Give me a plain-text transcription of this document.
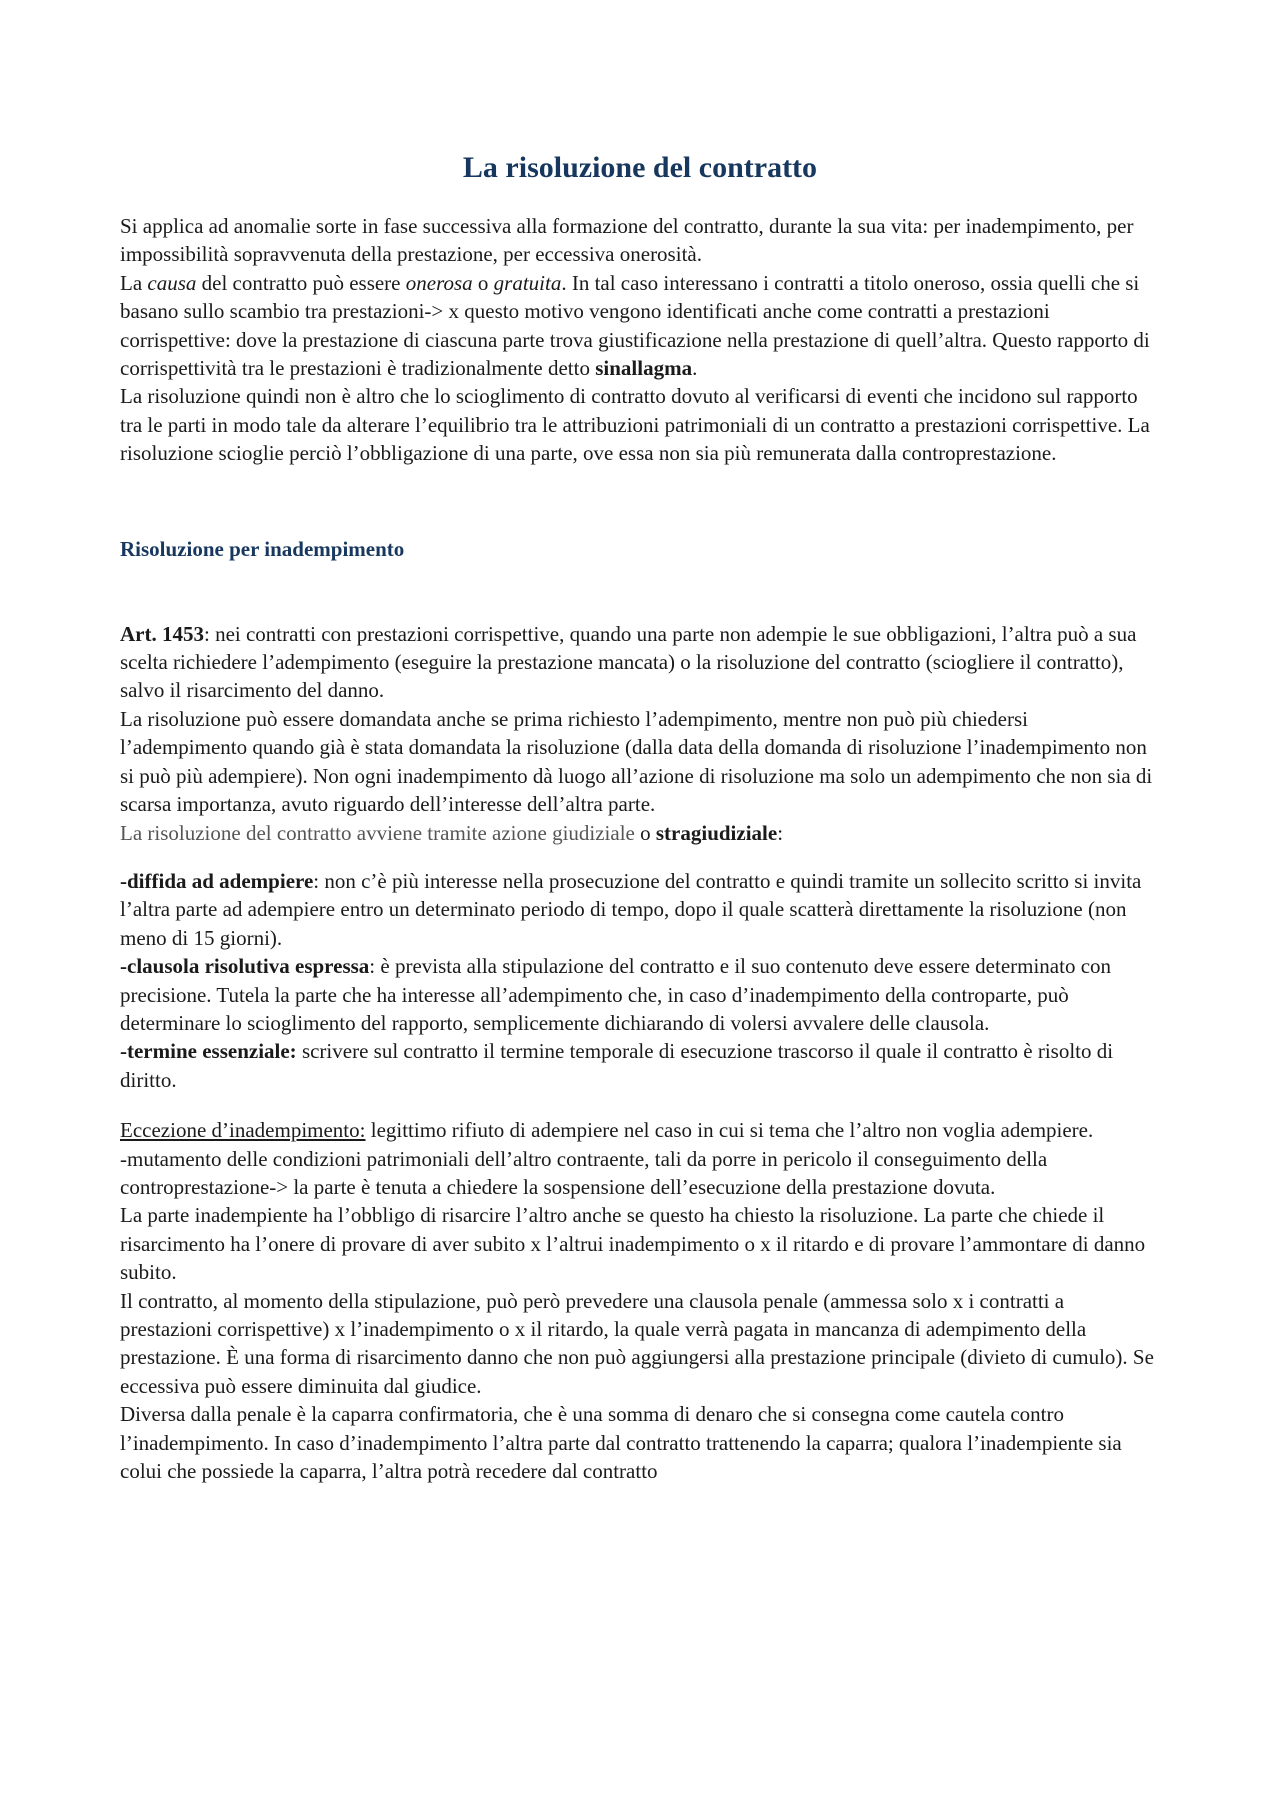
La risoluzione del contratto

Si applica ad anomalie sorte in fase successiva alla formazione del contratto, durante la sua vita: per inadempimento, per impossibilità sopravvenuta della prestazione, per eccessiva onerosità.

La causa del contratto può essere onerosa o gratuita. In tal caso interessano i contratti a titolo oneroso, ossia quelli che si basano sullo scambio tra prestazioni-> x questo motivo vengono identificati anche come contratti a prestazioni corrispettive: dove la prestazione di ciascuna parte trova giustificazione nella prestazione di quell’altra. Questo rapporto di corrispettività tra le prestazioni è tradizionalmente detto sinallagma.

La risoluzione quindi non è altro che lo scioglimento di contratto dovuto al verificarsi di eventi che incidono sul rapporto tra le parti in modo tale da alterare l’equilibrio tra le attribuzioni patrimoniali di un contratto a prestazioni corrispettive. La risoluzione scioglie perciò l’obbligazione di una parte, ove essa non sia più remunerata dalla controprestazione.

Risoluzione per inadempimento

Art. 1453: nei contratti con prestazioni corrispettive, quando una parte non adempie le sue obbligazioni, l’altra può a sua scelta richiedere l’adempimento (eseguire la prestazione mancata) o la risoluzione del contratto (sciogliere il contratto), salvo il risarcimento del danno.

La risoluzione può essere domandata anche se prima richiesto l’adempimento, mentre non può più chiedersi l’adempimento quando già è stata domandata la risoluzione (dalla data della domanda di risoluzione l’inadempimento non si può più adempiere). Non ogni inadempimento dà luogo all’azione di risoluzione ma solo un adempimento che non sia di scarsa importanza, avuto riguardo dell’interesse dell’altra parte.

La risoluzione del contratto avviene tramite azione giudiziale o stragiudiziale:

-diffida ad adempiere: non c’è più interesse nella prosecuzione del contratto e quindi tramite un sollecito scritto si invita l’altra parte ad adempiere entro un determinato periodo di tempo, dopo il quale scatterà direttamente la risoluzione (non meno di 15 giorni).

-clausola risolutiva espressa: è prevista alla stipulazione del contratto e il suo contenuto deve essere determinato con precisione. Tutela la parte che ha interesse all’adempimento che, in caso d’inadempimento della controparte, può determinare lo scioglimento del rapporto, semplicemente dichiarando di volersi avvalere delle clausola.

-termine essenziale: scrivere sul contratto il termine temporale di esecuzione trascorso il quale il contratto è risolto di diritto.

Eccezione d’inadempimento: legittimo rifiuto di adempiere nel caso in cui si tema che l’altro non voglia adempiere.

-mutamento delle condizioni patrimoniali dell’altro contraente, tali da porre in pericolo il conseguimento della controprestazione-> la parte è tenuta a chiedere la sospensione dell’esecuzione della prestazione dovuta.

La parte inadempiente ha l’obbligo di risarcire l’altro anche se questo ha chiesto la risoluzione. La parte che chiede il risarcimento ha l’onere di provare di aver subito x l’altrui inadempimento o x il ritardo e di provare l’ammontare di danno subito.

Il contratto, al momento della stipulazione, può però prevedere una clausola penale (ammessa solo x i contratti a prestazioni corrispettive) x l’inadempimento o x il ritardo, la quale verrà pagata in mancanza di adempimento della prestazione. È una forma di risarcimento danno che non può aggiungersi alla prestazione principale (divieto di cumulo). Se eccessiva può essere diminuita dal giudice.

Diversa dalla penale è la caparra confirmatoria, che è una somma di denaro che si consegna come cautela contro l’inadempimento. In caso d’inadempimento l’altra parte dal contratto trattenendo la caparra; qualora l’inadempiente sia colui che possiede la caparra, l’altra potrà recedere dal contratto
